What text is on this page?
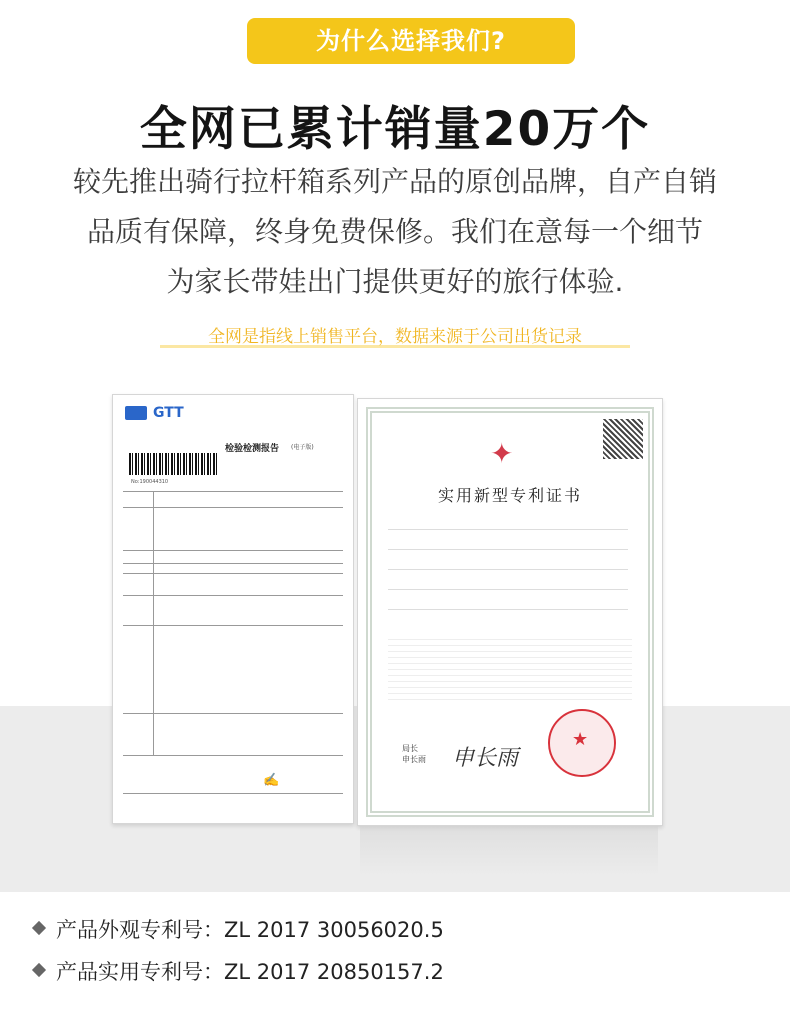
为什么选择我们?
全网已累计销量20万个
较先推出骑行拉杆箱系列产品的原创品牌，自产自销
品质有保障，终身免费保修。我们在意每一个细节
为家长带娃出门提供更好的旅行体验.
全网是指线上销售平台，数据来源于公司出货记录
GTT
检验检测报告 (电子版)
No:190044310
✍
✦
实用新型专利证书
★
局长
申长雨 申长雨
产品外观专利号：ZL 2017 30056020.5
产品实用专利号：ZL 2017 20850157.2
